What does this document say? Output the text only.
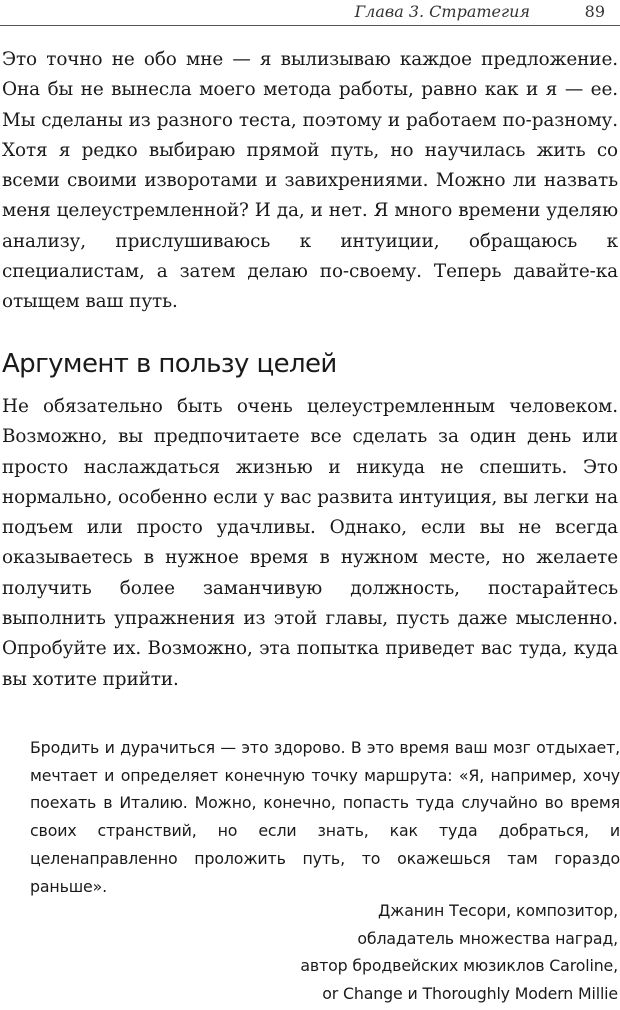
Глава 3. Стратегия	89

Это точно не обо мне — я вылизываю каждое предложение. Она бы не вынесла моего метода работы, равно как и я — ее. Мы сделаны из разного теста, поэтому и работаем по-разному. Хотя я редко выбираю прямой путь, но научилась жить со всеми своими изворотами и завихрениями. Можно ли назвать меня целеустремленной? И да, и нет. Я много времени уделяю анализу, прислушиваюсь к интуиции, обращаюсь к специалистам, а затем делаю по-своему. Теперь давайте-ка отыщем ваш путь.

Аргумент в пользу целей

Не обязательно быть очень целеустремленным человеком. Возможно, вы предпочитаете все сделать за один день или просто наслаждаться жизнью и никуда не спешить. Это нормально, особенно если у вас развита интуиция, вы легки на подъем или просто удачливы. Однако, если вы не всегда оказываетесь в нужное время в нужном месте, но желаете получить более заманчивую должность, постарайтесь выполнить упражнения из этой главы, пусть даже мысленно. Опробуйте их. Возможно, эта попытка приведет вас туда, куда вы хотите прийти.

Бродить и дурачиться — это здорово. В это время ваш мозг отдыхает, мечтает и определяет конечную точку маршрута: «Я, например, хочу поехать в Италию. Можно, конечно, попасть туда случайно во время своих странствий, но если знать, как туда добраться, и целенаправленно проложить путь, то окажешься там гораздо раньше».

Джанин Тесори, композитор,
обладатель множества наград,
автор бродвейских мюзиклов Caroline,
or Change и Thoroughly Modern Millie
